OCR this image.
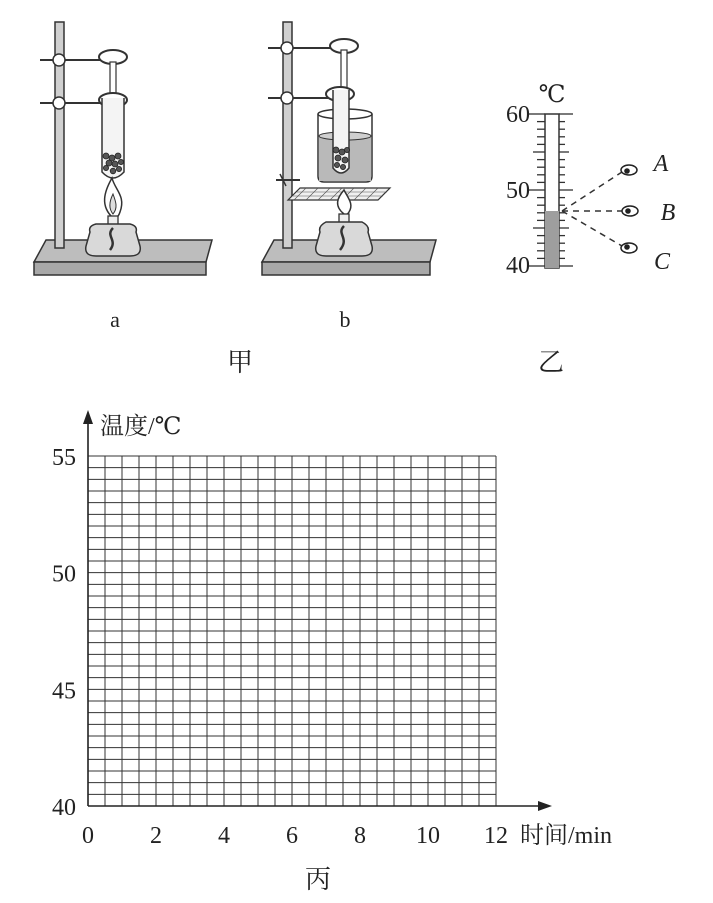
a	b
甲
℃
60
50
40
A
B
C
乙
40
45
50
55
0 2 4 6 8 10 12
温度/℃
时间/min
丙
